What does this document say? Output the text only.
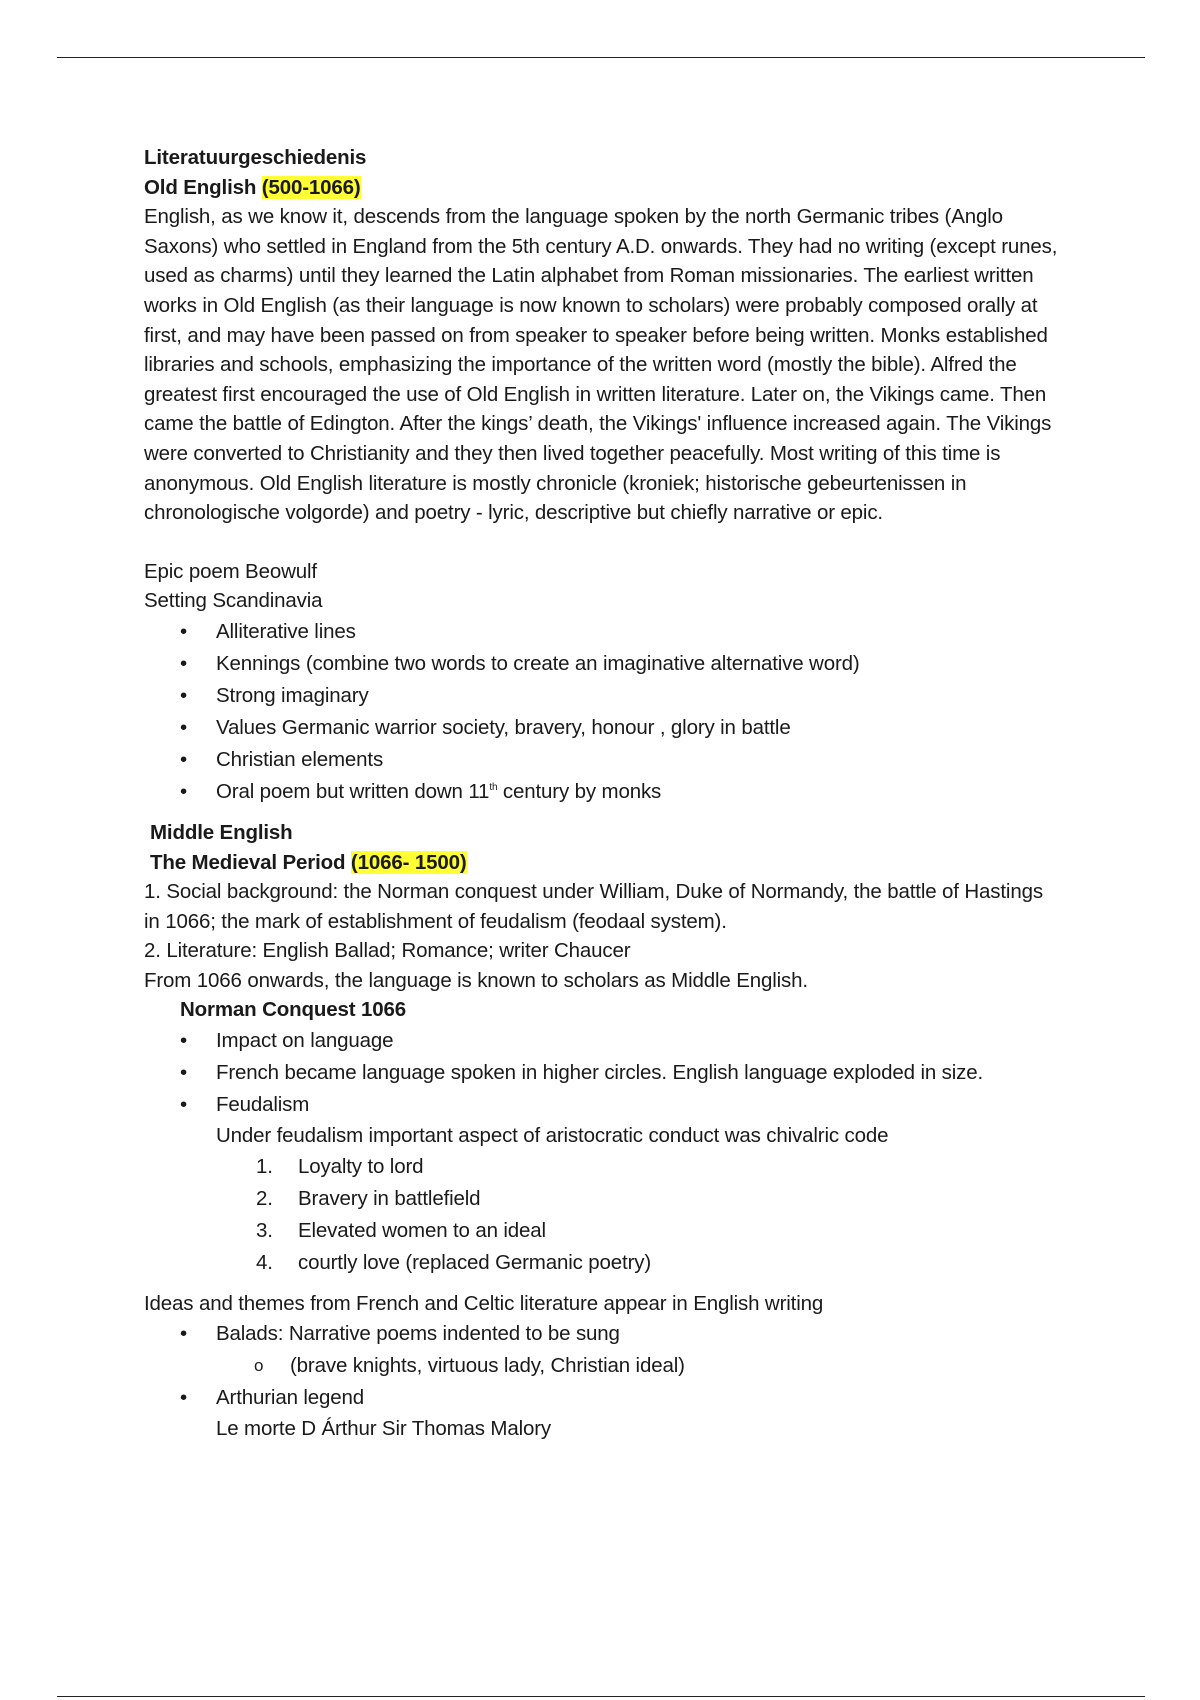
Literatuurgeschiedenis

Old English (500-1066)

English, as we know it, descends from the language spoken by the north Germanic tribes (Anglo Saxons) who settled in England from the 5th century A.D. onwards. They had no writing (except runes, used as charms) until they learned the Latin alphabet from Roman missionaries. The earliest written works in Old English (as their language is now known to scholars) were probably composed orally at first, and may have been passed on from speaker to speaker before being written. Monks established libraries and schools, emphasizing the importance of the written word (mostly the bible). Alfred the greatest first encouraged the use of Old English in written literature. Later on, the Vikings came. Then came the battle of Edington. After the kings’ death, the Vikings' influence increased again. The Vikings were converted to Christianity and they then lived together peacefully. Most writing of this time is anonymous. Old English literature is mostly chronicle (kroniek; historische gebeurtenissen in chronologische volgorde) and poetry - lyric, descriptive but chiefly narrative or epic.

Epic poem Beowulf

Setting Scandinavia

• Alliterative lines
• Kennings (combine two words to create an imaginative alternative word)
• Strong imaginary
• Values Germanic warrior society, bravery, honour , glory in battle
• Christian elements
• Oral poem but written down 11th century by monks

Middle English

The Medieval Period (1066- 1500)

1. Social background: the Norman conquest under William, Duke of Normandy, the battle of Hastings in 1066; the mark of establishment of feudalism (feodaal system).

2. Literature: English Ballad; Romance; writer Chaucer

From 1066 onwards, the language is known to scholars as Middle English.

Norman Conquest 1066

• Impact on language
• French became language spoken in higher circles. English language exploded in size.
• Feudalism

Under feudalism important aspect of aristocratic conduct was chivalric code

1. Loyalty to lord
2. Bravery in battlefield
3. Elevated women to an ideal
4. courtly love (replaced Germanic poetry)

Ideas and themes from French and Celtic literature appear in English writing

• Balads: Narrative poems indented to be sung
o (brave knights, virtuous lady, Christian ideal)
• Arthurian legend

Le morte D Árthur Sir Thomas Malory
